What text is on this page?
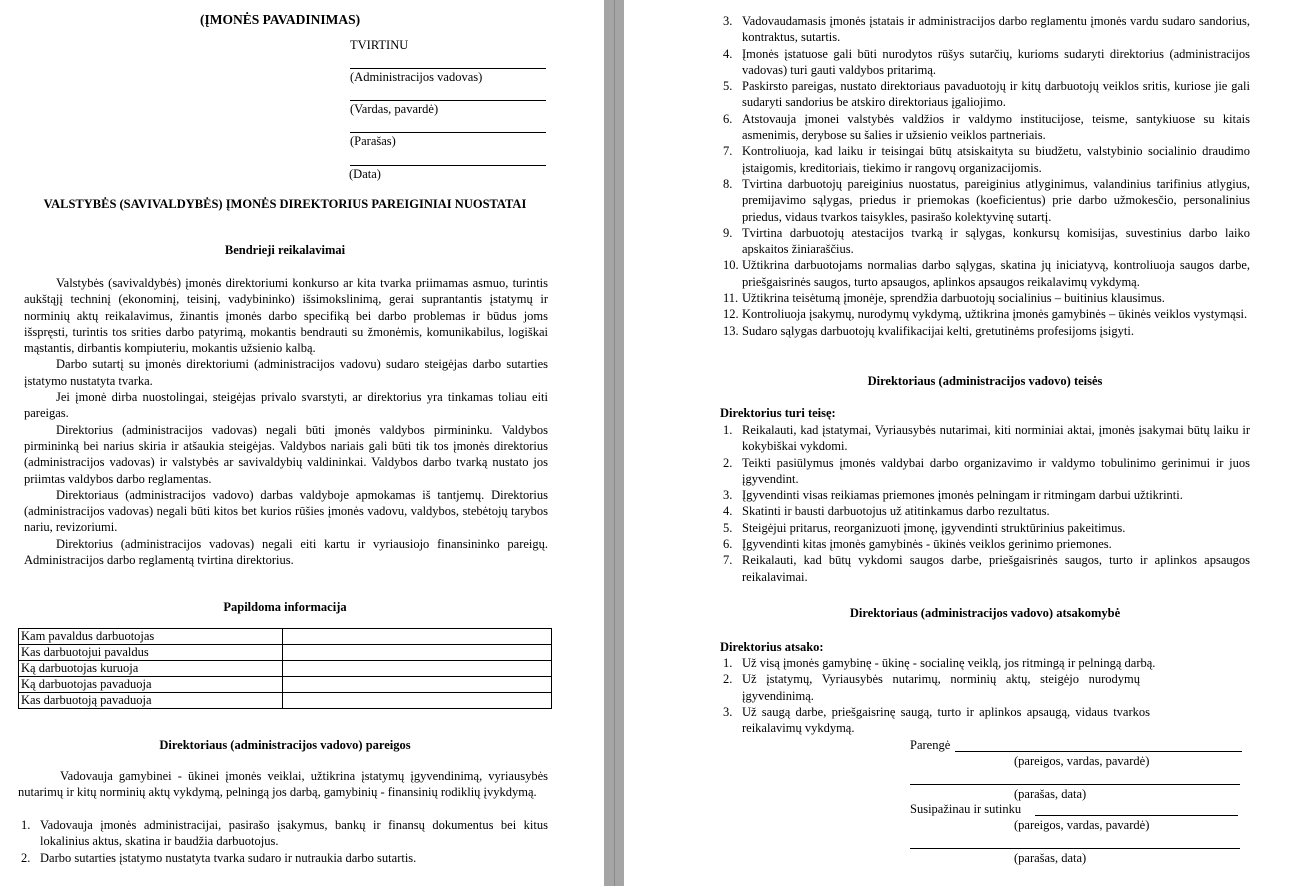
(ĮMONĖS PAVADINIMAS)
TVIRTINU
(Administracijos vadovas)
(Vardas, pavardė)
(Parašas)
(Data)
VALSTYBĖS (SAVIVALDYBĖS) ĮMONĖS DIREKTORIUS PAREIGINIAI NUOSTATAI
Bendrieji reikalavimai

Valstybės (savivaldybės) įmonės direktoriumi konkurso ar kita tvarka priimamas asmuo, turintis aukštąjį techninį (ekonominį, teisinį, vadybininko) išsimokslinimą, gerai suprantantis įstatymų ir norminių aktų reikalavimus, žinantis įmonės darbo specifiką bei darbo problemas ir būdus joms išspręsti, turintis tos srities darbo patyrimą, mokantis bendrauti su žmonėmis, komunikabilus, logiškai mąstantis, dirbantis kompiuteriu, mokantis užsienio kalbą.

Darbo sutartį su įmonės direktoriumi (administracijos vadovu) sudaro steigėjas darbo sutarties įstatymo nustatyta tvarka.

Jei įmonė dirba nuostolingai, steigėjas privalo svarstyti, ar direktorius yra tinkamas toliau eiti pareigas.

Direktorius (administracijos vadovas) negali būti įmonės valdybos pirmininku. Valdybos pirmininką bei narius skiria ir atšaukia steigėjas. Valdybos nariais gali būti tik tos įmonės direktorius (administracijos vadovas) ir valstybės ar savivaldybių valdininkai. Valdybos darbo tvarką nustato jos priimtas valdybos darbo reglamentas.

Direktoriaus (administracijos vadovo) darbas valdyboje apmokamas iš tantjemų. Direktorius (administracijos vadovas) negali būti kitos bet kurios rūšies įmonės vadovu, valdybos, stebėtojų tarybos nariu, revizoriumi.

Direktorius (administracijos vadovas) negali eiti kartu ir vyriausiojo finansininko pareigų. Administracijos darbo reglamentą tvirtina direktorius.

Papildoma informacija
Kam pavaldus darbuotojas	
Kas darbuotojui pavaldus	
Ką darbuotojas kuruoja	
Ką darbuotojas pavaduoja	
Kas darbuotoją pavaduoja	
Direktoriaus (administracijos vadovo) pareigos
Vadovauja gamybinei - ūkinei įmonės veiklai, užtikrina įstatymų įgyvendinimą, vyriausybės nutarimų ir kitų norminių aktų vykdymą, pelningą jos darbą, gamybinių - finansinių rodiklių įvykdymą.
1. Vadovauja įmonės administracijai, pasirašo įsakymus, bankų ir finansų dokumentus bei kitus lokalinius aktus, skatina ir baudžia darbuotojus.
2. Darbo sutarties įstatymo nustatyta tvarka sudaro ir nutraukia darbo sutartis.
3. Vadovaudamasis įmonės įstatais ir administracijos darbo reglamentu įmonės vardu sudaro sandorius, kontraktus, sutartis.
4. Įmonės įstatuose gali būti nurodytos rūšys sutarčių, kurioms sudaryti direktorius (administracijos vadovas) turi gauti valdybos pritarimą.
5. Paskirsto pareigas, nustato direktoriaus pavaduotojų ir kitų darbuotojų veiklos sritis, kuriose jie gali sudaryti sandorius be atskiro direktoriaus įgaliojimo.
6. Atstovauja įmonei valstybės valdžios ir valdymo institucijose, teisme, santykiuose su kitais asmenimis, derybose su šalies ir užsienio veiklos partneriais.
7. Kontroliuoja, kad laiku ir teisingai būtų atsiskaityta su biudžetu, valstybinio socialinio draudimo įstaigomis, kreditoriais, tiekimo ir rangovų organizacijomis.
8. Tvirtina darbuotojų pareiginius nuostatus, pareiginius atlyginimus, valandinius tarifinius atlygius, premijavimo sąlygas, priedus ir priemokas (koeficientus) prie darbo užmokesčio, personalinius priedus, vidaus tvarkos taisykles, pasirašo kolektyvinę sutartį.
9. Tvirtina darbuotojų atestacijos tvarką ir sąlygas, konkursų komisijas, suvestinius darbo laiko apskaitos žiniaraščius.
10. Užtikrina darbuotojams normalias darbo sąlygas, skatina jų iniciatyvą, kontroliuoja saugos darbe, priešgaisrinės saugos, turto apsaugos, aplinkos apsaugos reikalavimų vykdymą.
11. Užtikrina teisėtumą įmonėje, sprendžia darbuotojų socialinius – buitinius klausimus.
12. Kontroliuoja įsakymų, nurodymų vykdymą, užtikrina įmonės gamybinės – ūkinės veiklos vystymąsi.
13. Sudaro sąlygas darbuotojų kvalifikacijai kelti, gretutinėms profesijoms įsigyti.
Direktoriaus (administracijos vadovo) teisės
Direktorius turi teisę:
1. Reikalauti, kad įstatymai, Vyriausybės nutarimai, kiti norminiai aktai, įmonės įsakymai būtų laiku ir kokybiškai vykdomi.
2. Teikti pasiūlymus įmonės valdybai darbo organizavimo ir valdymo tobulinimo gerinimui ir juos įgyvendint.
3. Įgyvendinti visas reikiamas priemones įmonės pelningam ir ritmingam darbui užtikrinti.
4. Skatinti ir bausti darbuotojus už atitinkamus darbo rezultatus.
5. Steigėjui pritarus, reorganizuoti įmonę, įgyvendinti struktūrinius pakeitimus.
6. Įgyvendinti kitas įmonės gamybinės - ūkinės veiklos gerinimo priemones.
7. Reikalauti, kad būtų vykdomi saugos darbe, priešgaisrinės saugos, turto ir aplinkos apsaugos reikalavimai.
Direktoriaus (administracijos vadovo) atsakomybė
Direktorius atsako:
1. Už visą įmonės gamybinę - ūkinę - socialinę veiklą, jos ritmingą ir pelningą darbą.
2. Už įstatymų, Vyriausybės nutarimų, norminių aktų, steigėjo nurodymų įgyvendinimą.
3. Už saugą darbe, priešgaisrinę saugą, turto ir aplinkos apsaugą, vidaus tvarkos reikalavimų vykdymą.
Parengė
(pareigos, vardas, pavardė)
(parašas, data)
Susipažinau ir sutinku
(pareigos, vardas, pavardė)
(parašas, data)
